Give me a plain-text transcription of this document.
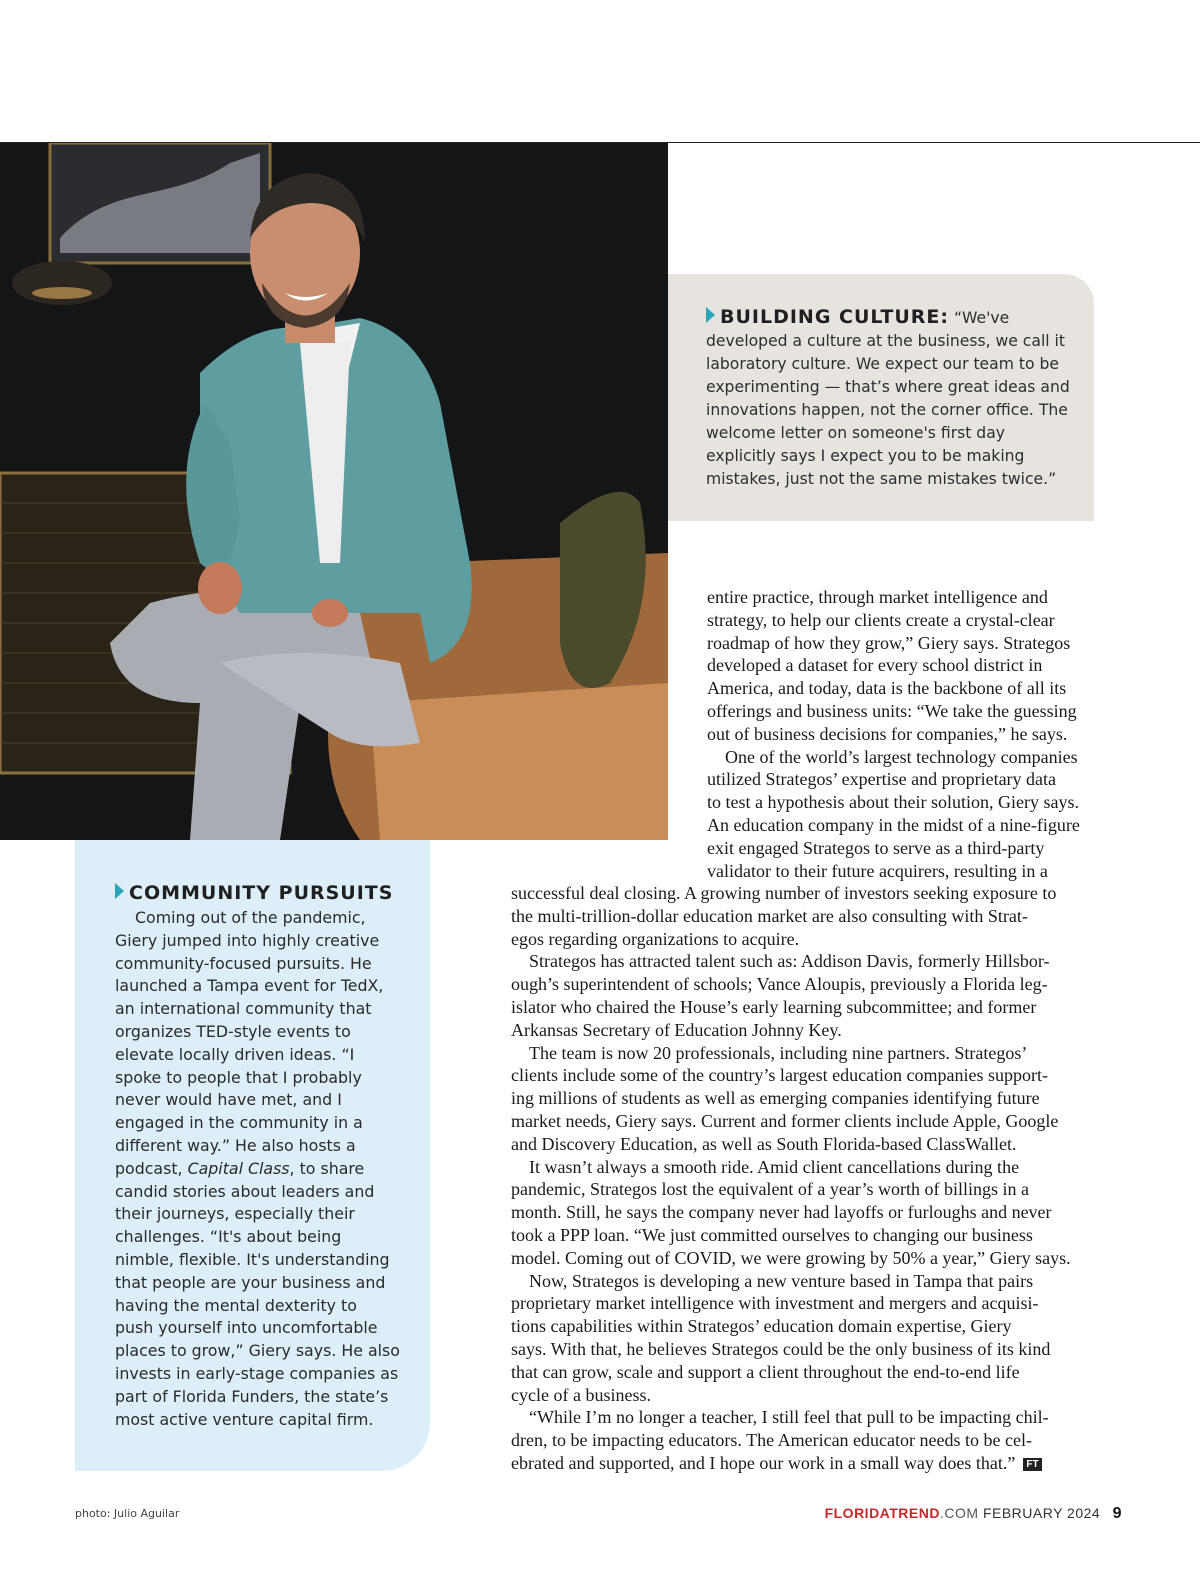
BUILDING CULTURE: “We've developed a culture at the business, we call it laboratory culture. We expect our team to be experimenting — that’s where great ideas and innovations happen, not the corner office. The welcome letter on someone's first day explicitly says I expect you to be making mistakes, just not the same mistakes twice.”

COMMUNITY PURSUITS

Coming out of the pandemic, Giery jumped into highly creative community-focused pursuits. He launched a Tampa event for TedX, an international community that organizes TED-style events to elevate locally driven ideas. “I spoke to people that I probably never would have met, and I engaged in the community in a different way.” He also hosts a podcast, Capital Class, to share candid stories about leaders and their journeys, especially their challenges. “It's about being nimble, flexible. It's understanding that people are your business and having the mental dexterity to push yourself into uncomfortable places to grow,” Giery says. He also invests in early-stage companies as part of Florida Funders, the state’s most active venture capital firm.

entire practice, through market intelligence and
strategy, to help our clients create a crystal-clear
roadmap of how they grow,” Giery says. Strategos
developed a dataset for every school district in
America, and today, data is the backbone of all its
offerings and business units: “We take the guessing
out of business decisions for companies,” he says.
One of the world’s largest technology companies
utilized Strategos’ expertise and proprietary data
to test a hypothesis about their solution, Giery says.
An education company in the midst of a nine-figure
exit engaged Strategos to serve as a third-party
validator to their future acquirers, resulting in a
successful deal closing. A growing number of investors seeking exposure to
the multi-trillion-dollar education market are also consulting with Strat-
egos regarding organizations to acquire.
Strategos has attracted talent such as: Addison Davis, formerly Hillsbor-
ough’s superintendent of schools; Vance Aloupis, previously a Florida leg-
islator who chaired the House’s early learning subcommittee; and former
Arkansas Secretary of Education Johnny Key.
The team is now 20 professionals, including nine partners. Strategos’
clients include some of the country’s largest education companies support-
ing millions of students as well as emerging companies identifying future
market needs, Giery says. Current and former clients include Apple, Google
and Discovery Education, as well as South Florida-based ClassWallet.
It wasn’t always a smooth ride. Amid client cancellations during the
pandemic, Strategos lost the equivalent of a year’s worth of billings in a
month. Still, he says the company never had layoffs or furloughs and never
took a PPP loan. “We just committed ourselves to changing our business
model. Coming out of COVID, we were growing by 50% a year,” Giery says.
Now, Strategos is developing a new venture based in Tampa that pairs
proprietary market intelligence with investment and mergers and acquisi-
tions capabilities within Strategos’ education domain expertise, Giery
says. With that, he believes Strategos could be the only business of its kind
that can grow, scale and support a client throughout the end-to-end life
cycle of a business.
“While I’m no longer a teacher, I still feel that pull to be impacting chil-
dren, to be impacting educators. The American educator needs to be cel-
ebrated and supported, and I hope our work in a small way does that.” FT
photo: Julio Aguilar	FLORIDATREND.COM FEBRUARY 2024 9
